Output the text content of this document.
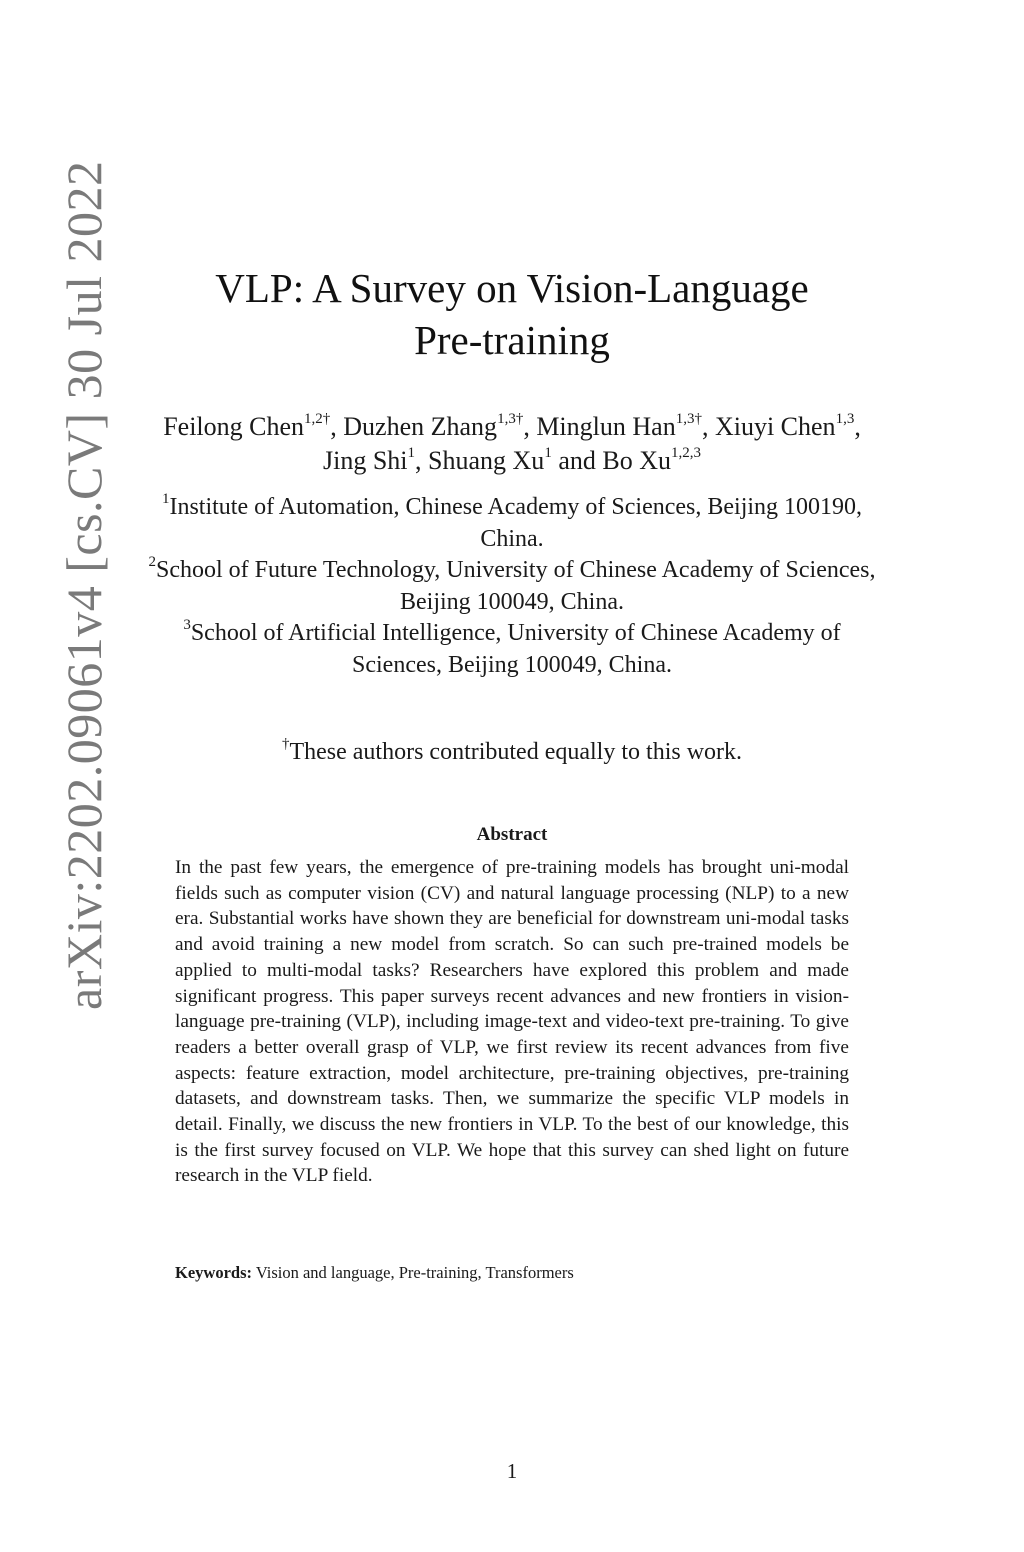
arXiv:2202.09061v4 [cs.CV] 30 Jul 2022	VLP: A Survey on Vision-Language
Pre-training
Feilong Chen$^{1,2\dagger}$, Duzhen Zhang$^{1,3\dagger}$, Minglun Han$^{1,3\dagger}$, Xiuyi Chen$^{1,3}$, Jing Shi$^1$, Shuang Xu$^1$ and Bo Xu$^{1,2,3}$

$^1$Institute of Automation, Chinese Academy of Sciences, Beijing 100190, China.

$^2$School of Future Technology, University of Chinese Academy of Sciences, Beijing 100049, China.

$^3$School of Artificial Intelligence, University of Chinese Academy of Sciences, Beijing 100049, China.

†These authors contributed equally to this work.
Abstract
In the past few years, the emergence of pre-training models has brought uni-modal fields such as computer vision (CV) and natural language processing (NLP) to a new era. Substantial works have shown they are beneficial for downstream uni-modal tasks and avoid training a new model from scratch. So can such pre-trained models be applied to multi-modal tasks? Researchers have explored this problem and made significant progress. This paper surveys recent advances and new frontiers in vision-language pre-training (VLP), including image-text and video-text pre-training. To give readers a better overall grasp of VLP, we first review its recent advances from five aspects: feature extraction, model architecture, pre-training objectives, pre-training datasets, and downstream tasks. Then, we summarize the specific VLP models in detail. Finally, we discuss the new frontiers in VLP. To the best of our knowledge, this is the first survey focused on VLP. We hope that this survey can shed light on future research in the VLP field.
Keywords: Vision and language, Pre-training, Transformers
1
